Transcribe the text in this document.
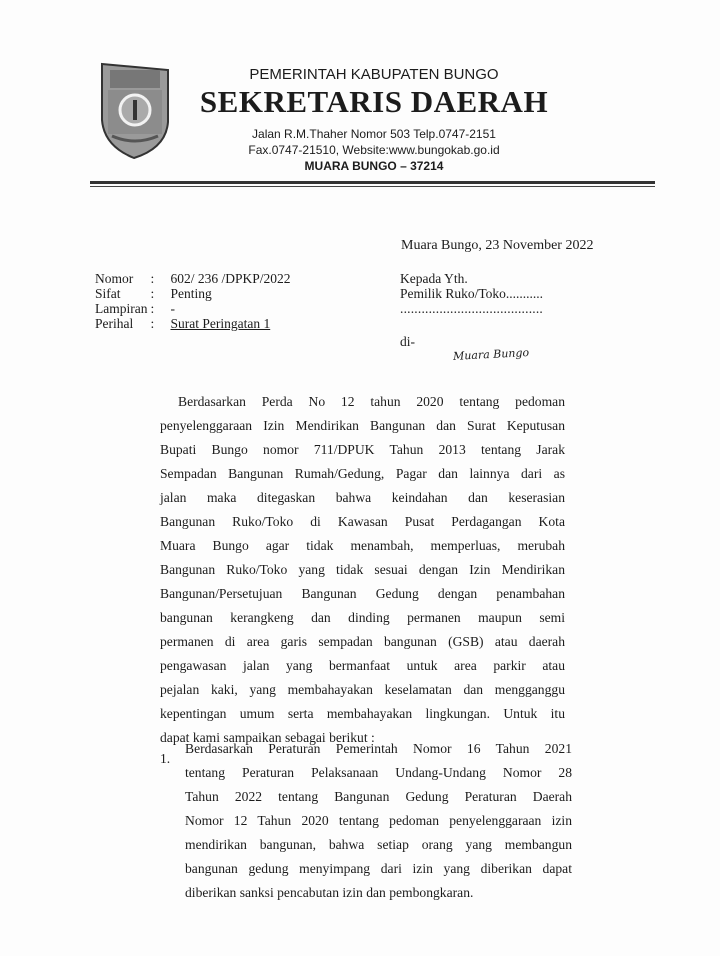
PEMERINTAH KABUPATEN BUNGO
SEKRETARIS DAERAH
Jalan R.M.Thaher Nomor 503 Telp.0747-2151
Fax.0747-21510, Website:www.bungokab.go.id
MUARA BUNGO – 37214
Muara Bungo, 23 November 2022
Nomor	:	602/ 236 /DPKP/2022
Sifat	:	Penting
Lampiran	:	-
Perihal	:	Surat Peringatan 1
Kepada Yth.
Pemilik Ruko/Toko...........
........................................
di-
Muara Bungo
Berdasarkan Perda No 12 tahun 2020 tentang pedoman
penyelenggaraan Izin Mendirikan Bangunan dan Surat Keputusan
Bupati Bungo nomor 711/DPUK Tahun 2013 tentang Jarak
Sempadan Bangunan Rumah/Gedung, Pagar dan lainnya dari as
jalan maka ditegaskan bahwa keindahan dan keserasian
Bangunan Ruko/Toko di Kawasan Pusat Perdagangan Kota
Muara Bungo agar tidak menambah, memperluas, merubah
Bangunan Ruko/Toko yang tidak sesuai dengan Izin Mendirikan
Bangunan/Persetujuan Bangunan Gedung dengan penambahan
bangunan kerangkeng dan dinding permanen maupun semi
permanen di area garis sempadan bangunan (GSB) atau daerah
pengawasan jalan yang bermanfaat untuk area parkir atau
pejalan kaki, yang membahayakan keselamatan dan mengganggu
kepentingan umum serta membahayakan lingkungan. Untuk itu
dapat kami sampaikan sebagai berikut :
1.
Berdasarkan Peraturan Pemerintah Nomor 16 Tahun 2021
tentang Peraturan Pelaksanaan Undang-Undang Nomor 28
Tahun 2022 tentang Bangunan Gedung Peraturan Daerah
Nomor 12 Tahun 2020 tentang pedoman penyelenggaraan izin
mendirikan bangunan, bahwa setiap orang yang membangun
bangunan gedung menyimpang dari izin yang diberikan dapat
diberikan sanksi pencabutan izin dan pembongkaran.
